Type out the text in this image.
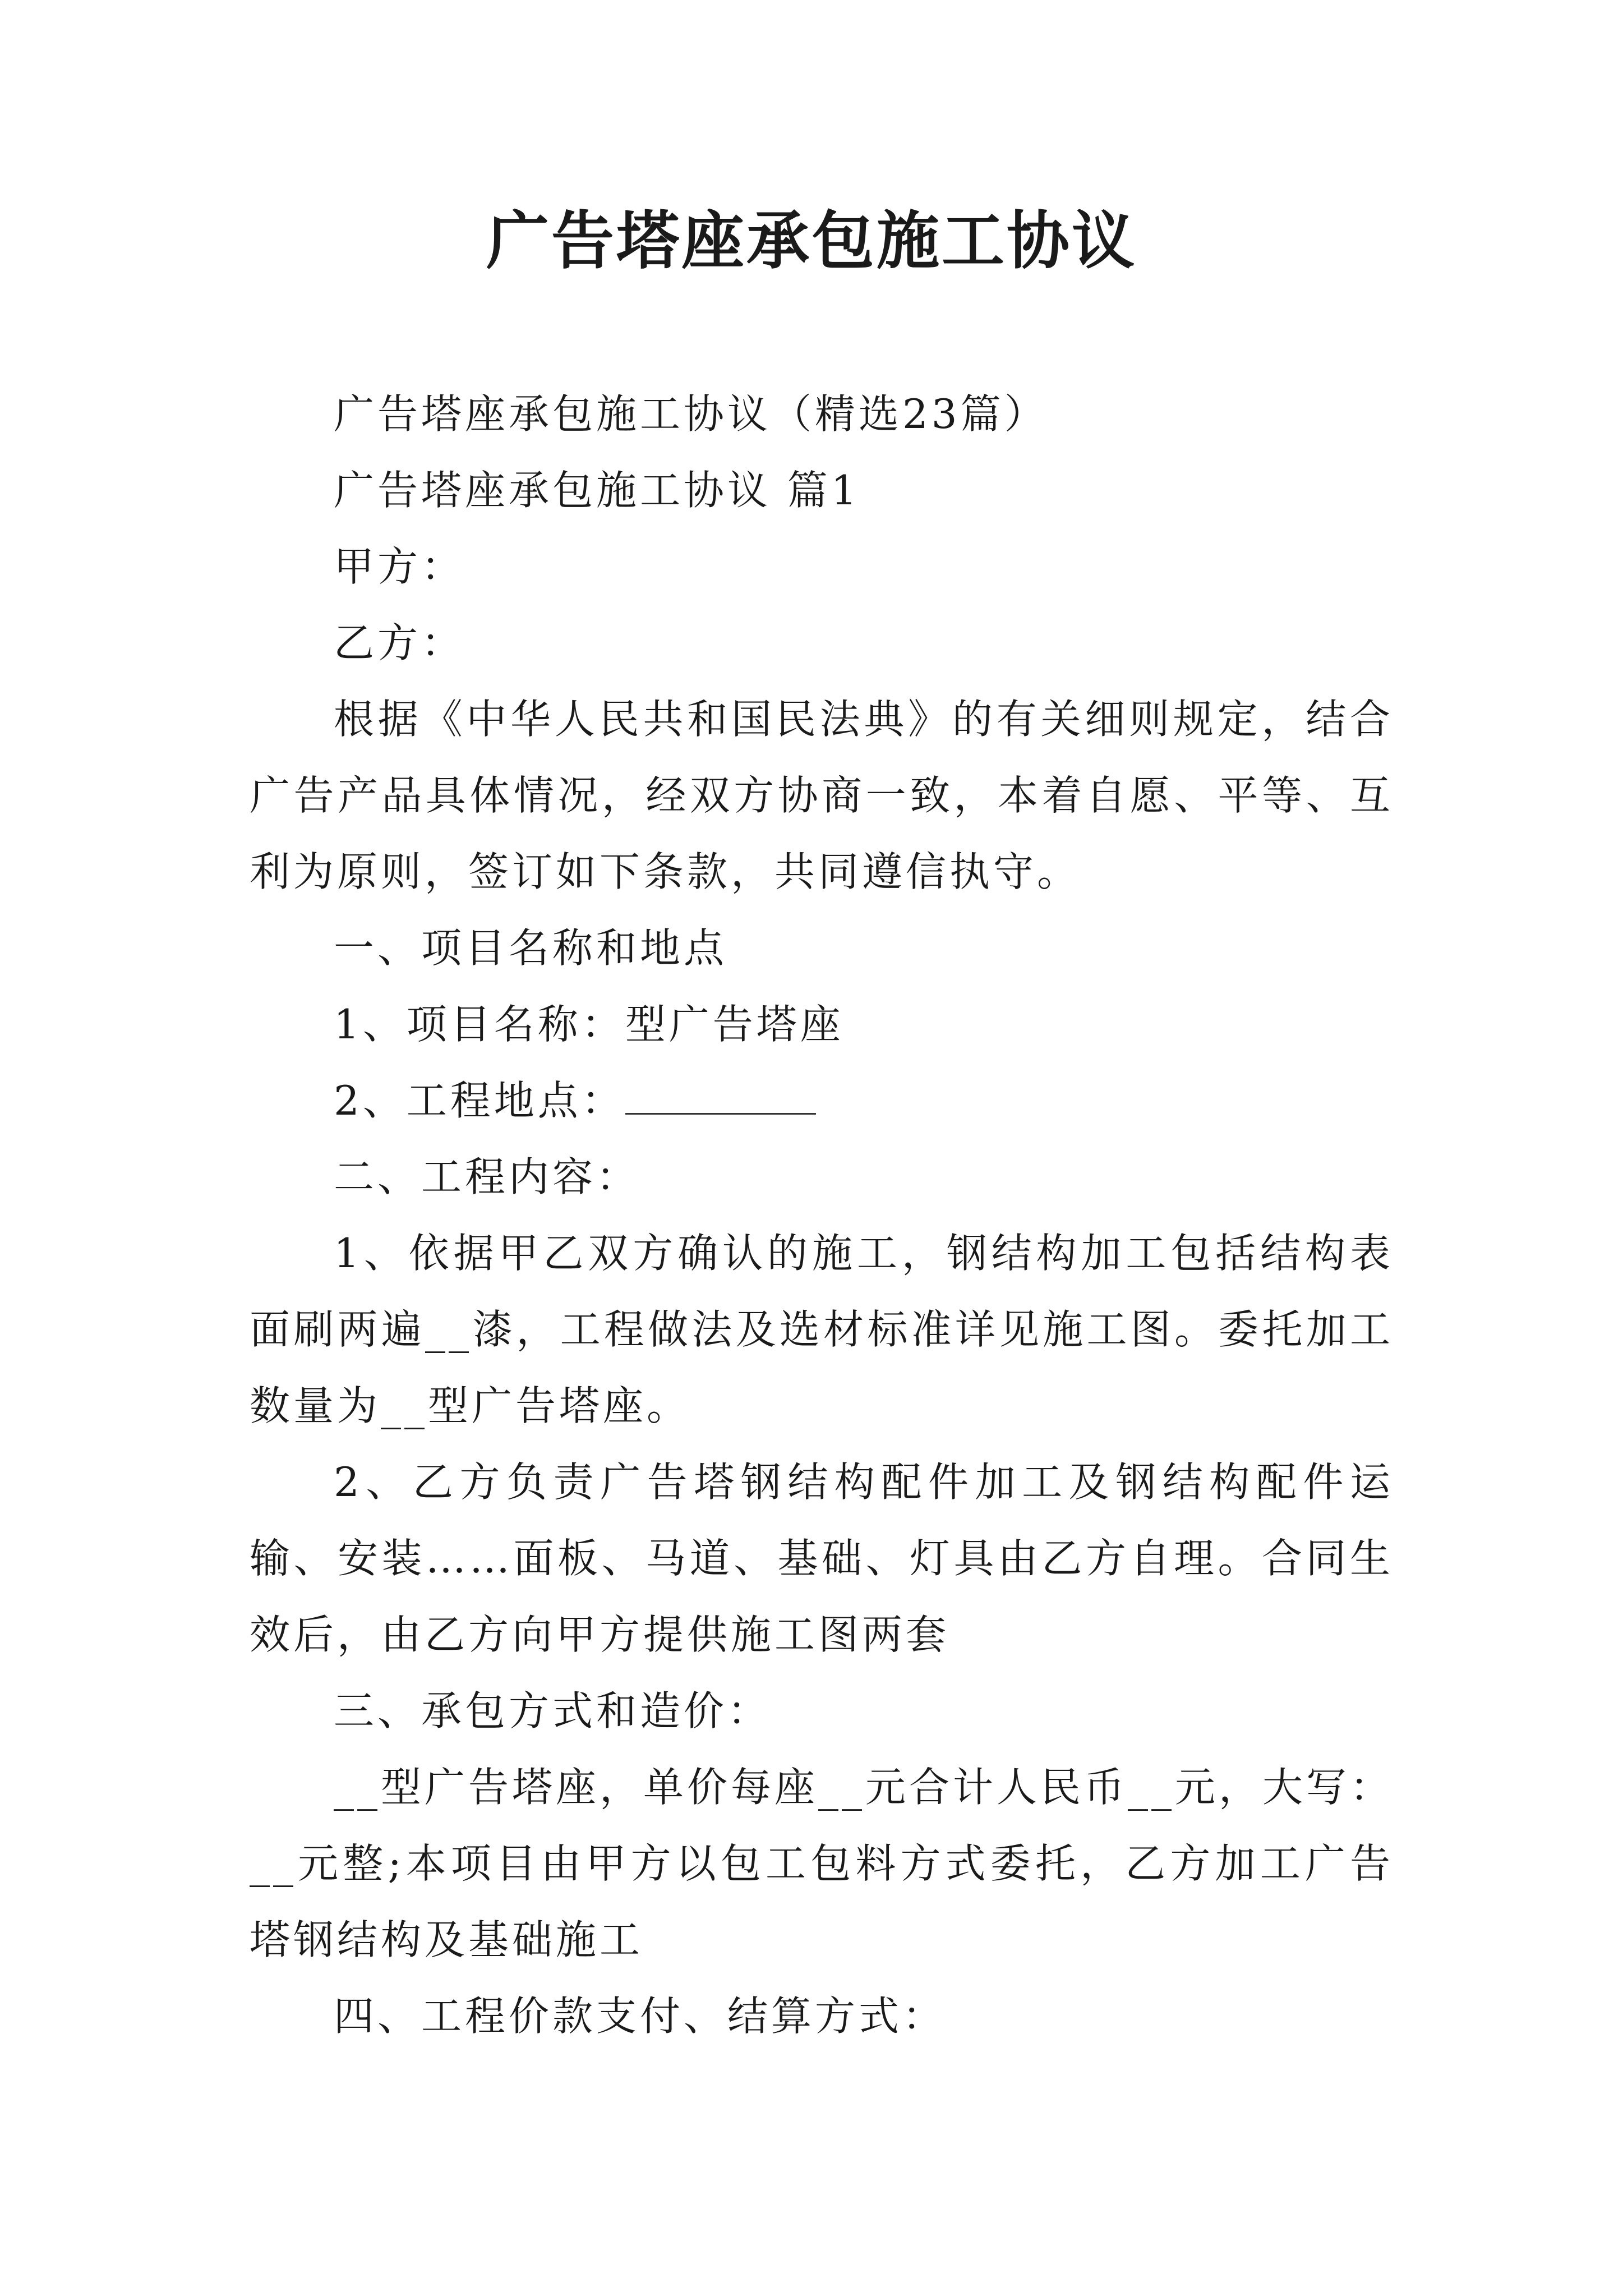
广告塔座承包施工协议

广告塔座承包施工协议（精选23篇）

广告塔座承包施工协议 篇1

甲方：

乙方：

根据《中华人民共和国民法典》的有关细则规定，结合广告产品具体情况，经双方协商一致，本着自愿、平等、互利为原则，签订如下条款，共同遵信执守。

一、项目名称和地点

1、项目名称：型广告塔座

2、工程地点：

二、工程内容：

1、依据甲乙双方确认的施工，钢结构加工包括结构表面刷两遍__漆，工程做法及选材标准详见施工图。委托加工数量为__型广告塔座。

2、乙方负责广告塔钢结构配件加工及钢结构配件运输、安装……面板、马道、基础、灯具由乙方自理。合同生效后，由乙方向甲方提供施工图两套

三、承包方式和造价：

__型广告塔座，单价每座__元合计人民币__元，大写：__元整;本项目由甲方以包工包料方式委托，乙方加工广告塔钢结构及基础施工

四、工程价款支付、结算方式：
